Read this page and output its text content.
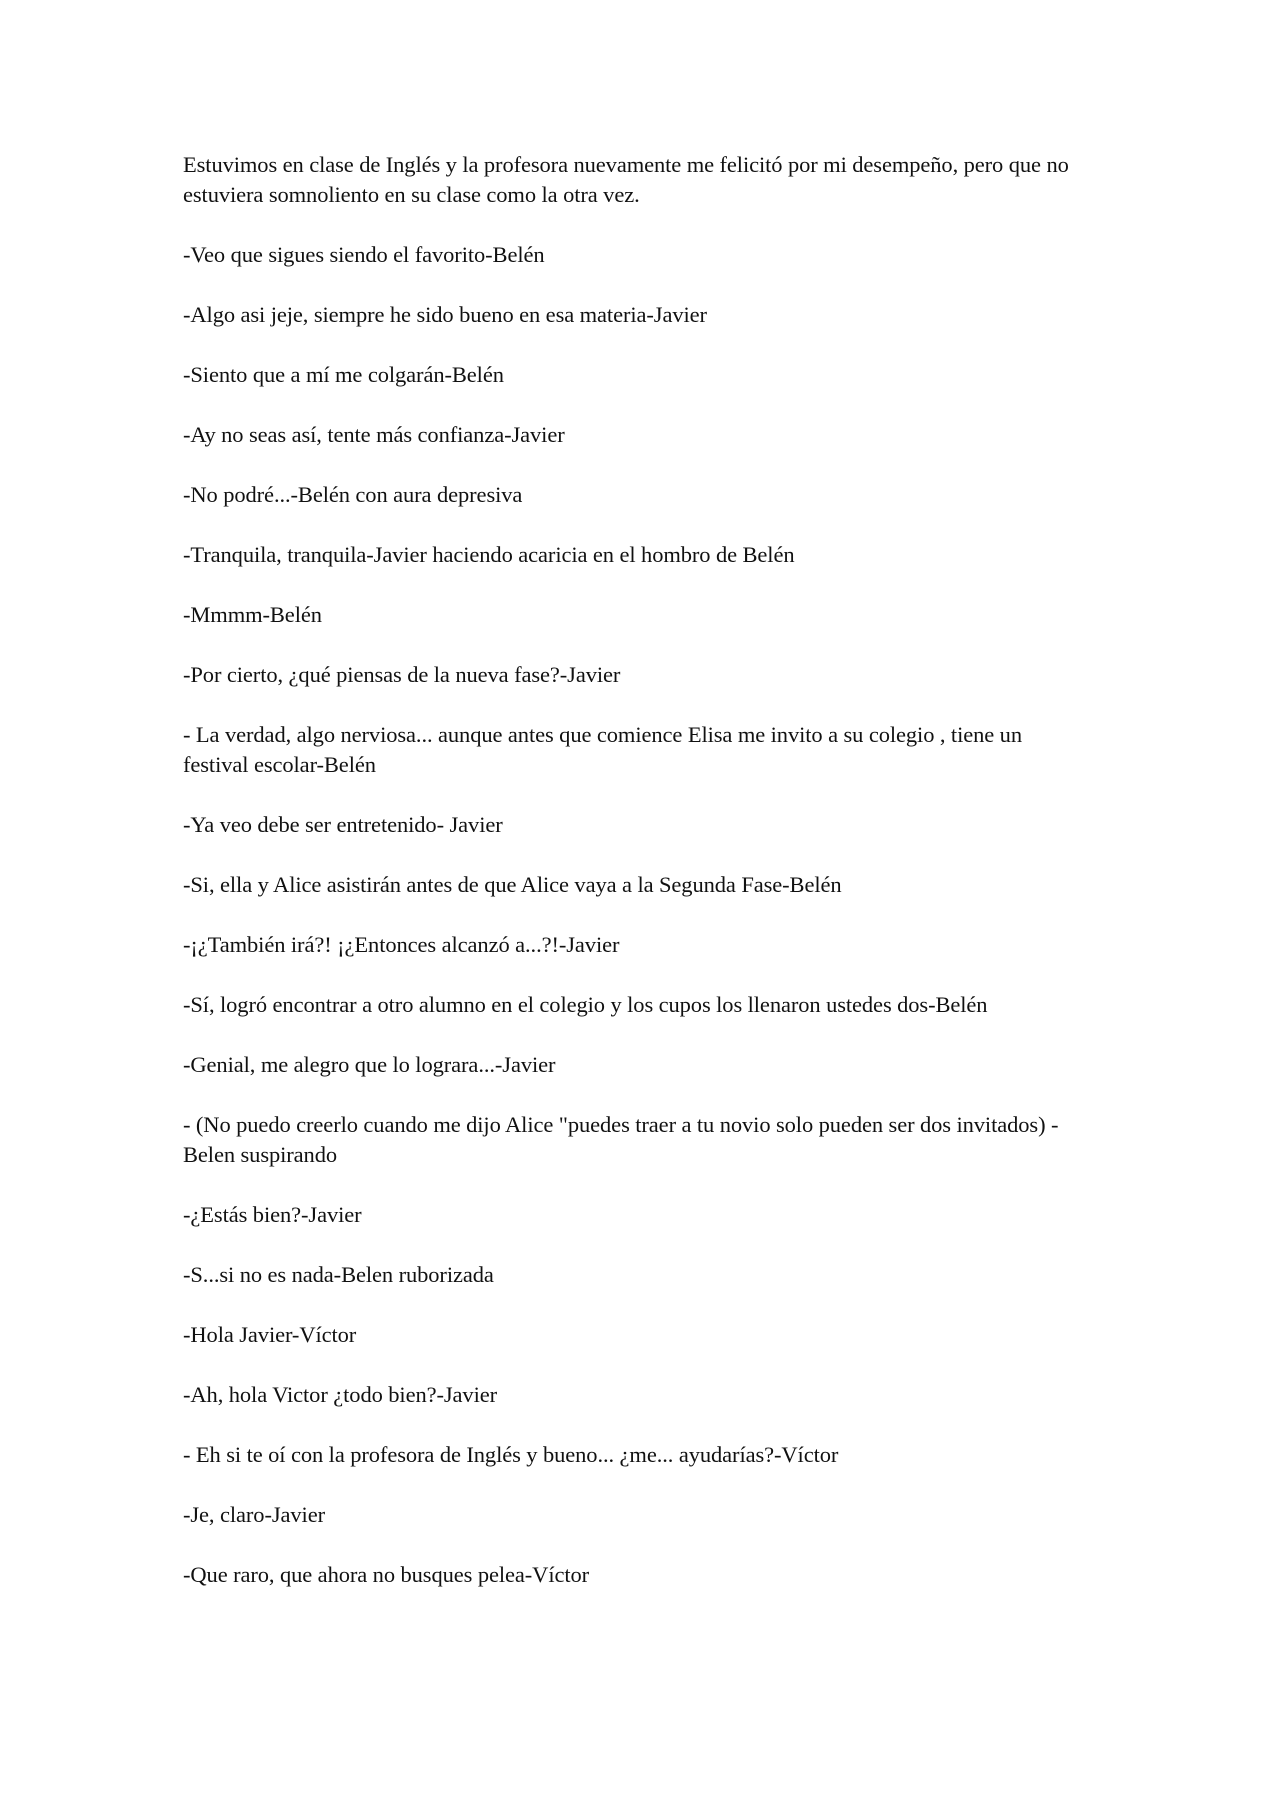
Estuvimos en clase de Inglés y la profesora nuevamente me felicitó por mi desempeño, pero que no estuviera somnoliento en su clase como la otra vez.

-Veo que sigues siendo el favorito-Belén

-Algo asi jeje, siempre he sido bueno en esa materia-Javier

-Siento que a mí me colgarán-Belén

-Ay no seas así, tente más confianza-Javier

-No podré...-Belén con aura depresiva

-Tranquila, tranquila-Javier haciendo acaricia en el hombro de Belén

-Mmmm-Belén

-Por cierto, ¿qué piensas de la nueva fase?-Javier

- La verdad, algo nerviosa... aunque antes que comience Elisa me invito a su colegio , tiene un festival escolar-Belén

-Ya veo debe ser entretenido- Javier

-Si, ella y Alice asistirán antes de que Alice vaya a la Segunda Fase-Belén

-¡¿También irá?! ¡¿Entonces alcanzó a...?!-Javier

-Sí, logró encontrar a otro alumno en el colegio y los cupos los llenaron ustedes dos-Belén

-Genial, me alegro que lo lograra...-Javier

- (No puedo creerlo cuando me dijo Alice "puedes traer a tu novio solo pueden ser dos invitados) -Belen suspirando

-¿Estás bien?-Javier

-S...si no es nada-Belen ruborizada

-Hola Javier-Víctor

-Ah, hola Victor ¿todo bien?-Javier

- Eh si te oí con la profesora de Inglés y bueno... ¿me... ayudarías?-Víctor

-Je, claro-Javier

-Que raro, que ahora no busques pelea-Víctor
